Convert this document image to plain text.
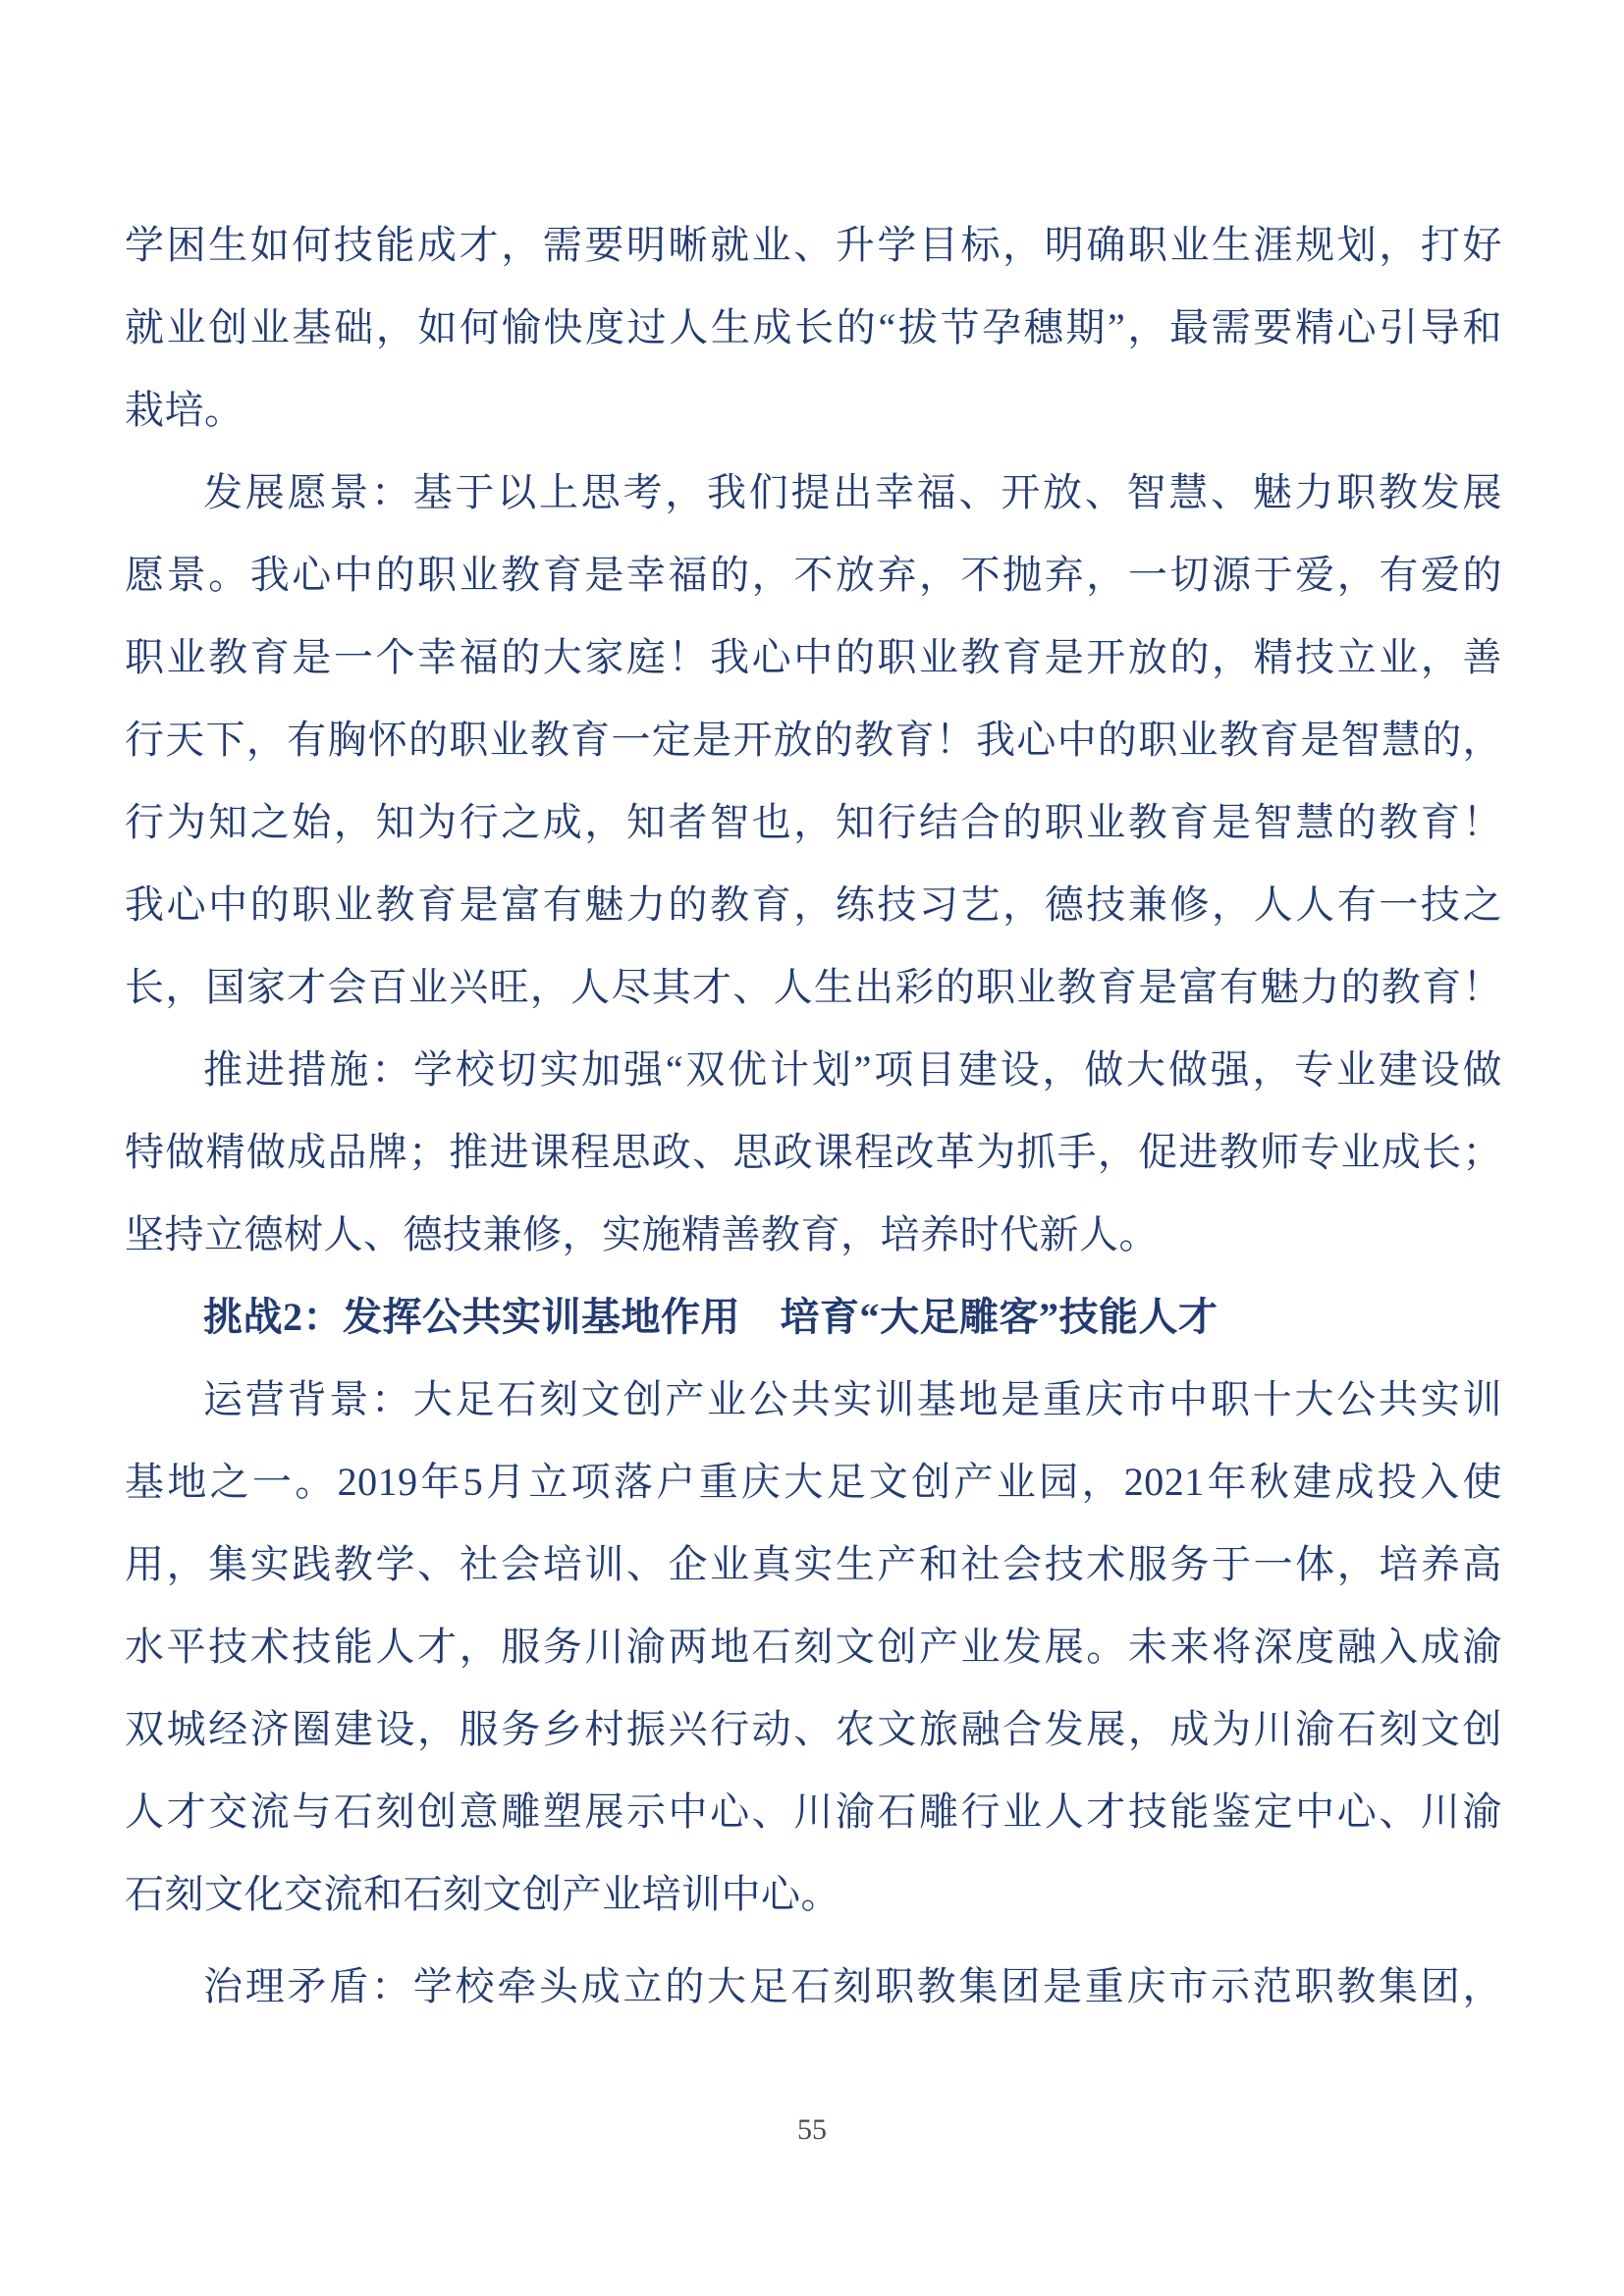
学困生如何技能成才，需要明晰就业、升学目标，明确职业生涯规划，打好
就业创业基础，如何愉快度过人生成长的“拔节孕穗期”，最需要精心引导和
栽培。
发展愿景：基于以上思考，我们提出幸福、开放、智慧、魅力职教发展
愿景。我心中的职业教育是幸福的，不放弃，不抛弃，一切源于爱，有爱的
职业教育是一个幸福的大家庭！我心中的职业教育是开放的，精技立业，善
行天下，有胸怀的职业教育一定是开放的教育！我心中的职业教育是智慧的，
行为知之始，知为行之成，知者智也，知行结合的职业教育是智慧的教育！
我心中的职业教育是富有魅力的教育，练技习艺，德技兼修，人人有一技之
长，国家才会百业兴旺，人尽其才、人生出彩的职业教育是富有魅力的教育！
推进措施：学校切实加强“双优计划”项目建设，做大做强，专业建设做
特做精做成品牌；推进课程思政、思政课程改革为抓手，促进教师专业成长；
坚持立德树人、德技兼修，实施精善教育，培养时代新人。
挑战2：发挥公共实训基地作用　培育“大足雕客”技能人才
运营背景：大足石刻文创产业公共实训基地是重庆市中职十大公共实训
基地之一。2019年5月立项落户重庆大足文创产业园，2021年秋建成投入使
用，集实践教学、社会培训、企业真实生产和社会技术服务于一体，培养高
水平技术技能人才，服务川渝两地石刻文创产业发展。未来将深度融入成渝
双城经济圈建设，服务乡村振兴行动、农文旅融合发展，成为川渝石刻文创
人才交流与石刻创意雕塑展示中心、川渝石雕行业人才技能鉴定中心、川渝
石刻文化交流和石刻文创产业培训中心。
治理矛盾：学校牵头成立的大足石刻职教集团是重庆市示范职教集团，
55
